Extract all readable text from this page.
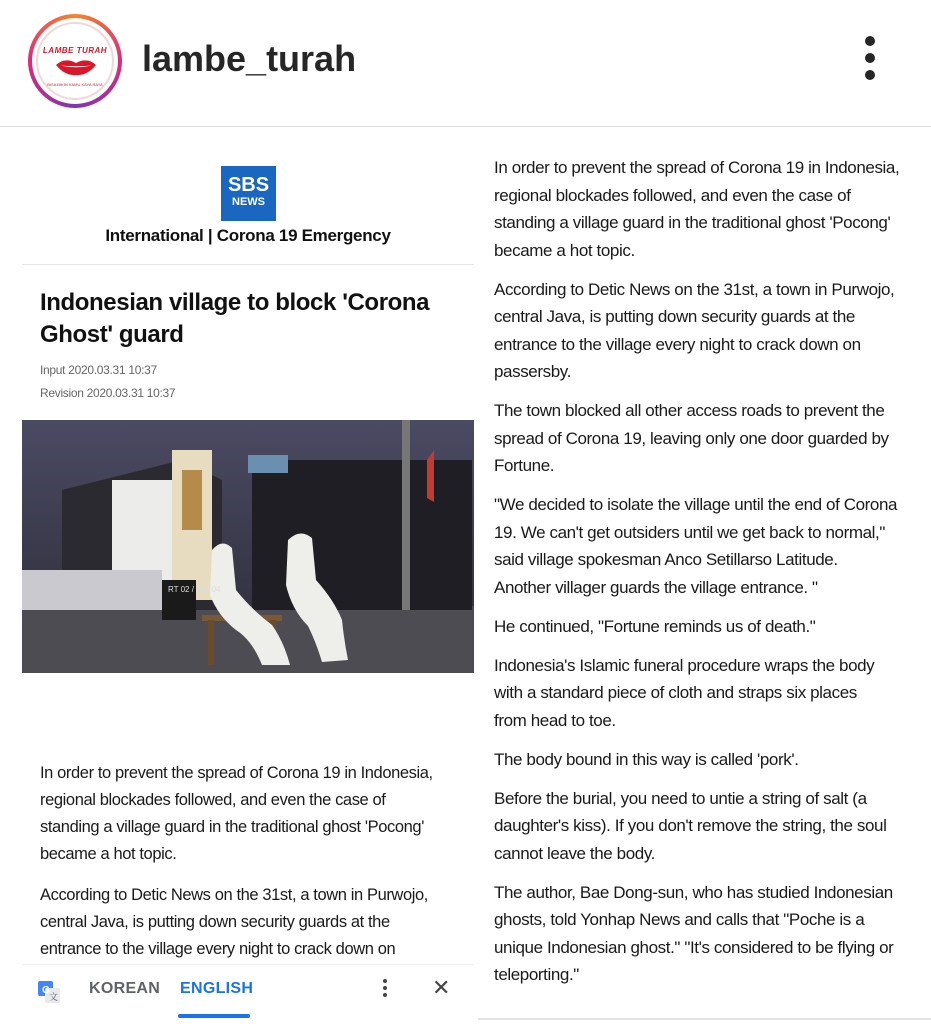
LAMBE TURAH
BISA BIKIN KAMU KAYA RAYA
lambe_turah
SBS
NEWS
International | Corona 19 Emergency
Indonesian village to block 'Corona Ghost' guard
Input 2020.03.31 10:37
Revision 2020.03.31 10:37
RT 02 / RW 04
In order to prevent the spread of Corona 19 in Indonesia,
regional blockades followed, and even the case of
standing a village guard in the traditional ghost 'Pocong'
became a hot topic.
According to Detic News on the 31st, a town in Purwojo,
central Java, is putting down security guards at the
entrance to the village every night to crack down on
G
文
KOREAN ENGLISH	✕
In order to prevent the spread of Corona 19 in Indonesia,
regional blockades followed, and even the case of
standing a village guard in the traditional ghost 'Pocong'
became a hot topic.
According to Detic News on the 31st, a town in Purwojo,
central Java, is putting down security guards at the
entrance to the village every night to crack down on
passersby.
The town blocked all other access roads to prevent the
spread of Corona 19, leaving only one door guarded by
Fortune.
"We decided to isolate the village until the end of Corona
19. We can't get outsiders until we get back to normal,"
said village spokesman Anco Setillarso Latitude.
Another villager guards the village entrance. "
He continued, "Fortune reminds us of death."
Indonesia's Islamic funeral procedure wraps the body
with a standard piece of cloth and straps six places
from head to toe.
The body bound in this way is called 'pork'.
Before the burial, you need to untie a string of salt (a
daughter's kiss). If you don't remove the string, the soul
cannot leave the body.
The author, Bae Dong-sun, who has studied Indonesian
ghosts, told Yonhap News and calls that "Poche is a
unique Indonesian ghost." "It's considered to be flying or
teleporting."
